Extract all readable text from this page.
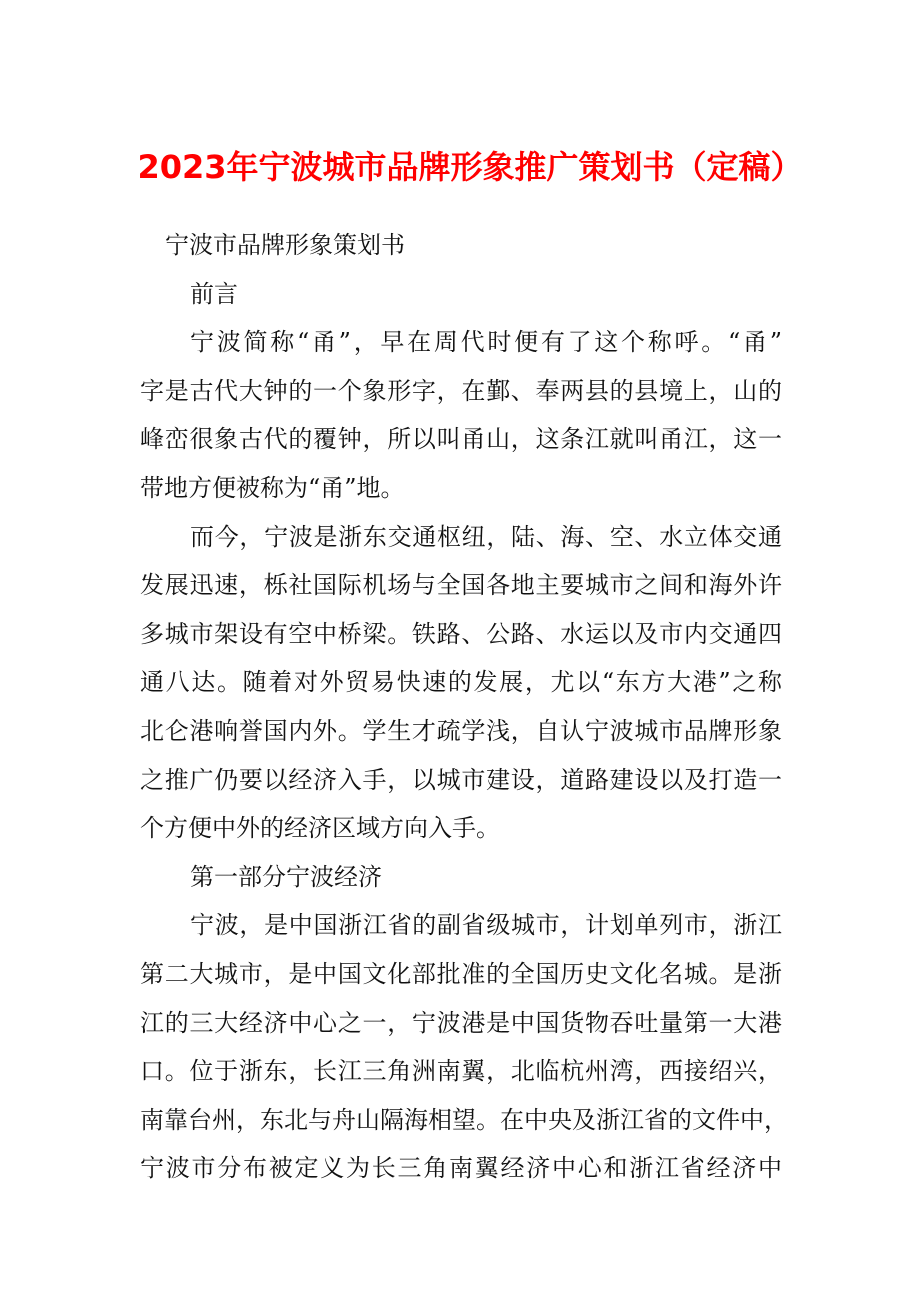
2023年宁波城市品牌形象推广策划书（定稿）
宁波市品牌形象策划书
前言
宁波简称“甬”，早在周代时便有了这个称呼。“甬”
字是古代大钟的一个象形字，在鄞、奉两县的县境上，山的
峰峦很象古代的覆钟，所以叫甬山，这条江就叫甬江，这一
带地方便被称为“甬”地。
而今，宁波是浙东交通枢纽，陆、海、空、水立体交通
发展迅速，栎社国际机场与全国各地主要城市之间和海外许
多城市架设有空中桥梁。铁路、公路、水运以及市内交通四
通八达。随着对外贸易快速的发展，尤以“东方大港”之称
北仑港响誉国内外。学生才疏学浅，自认宁波城市品牌形象
之推广仍要以经济入手，以城市建设，道路建设以及打造一
个方便中外的经济区域方向入手。
第一部分宁波经济
宁波，是中国浙江省的副省级城市，计划单列市，浙江
第二大城市，是中国文化部批准的全国历史文化名城。是浙
江的三大经济中心之一，宁波港是中国货物吞吐量第一大港
口。位于浙东，长江三角洲南翼，北临杭州湾，西接绍兴，
南靠台州，东北与舟山隔海相望。在中央及浙江省的文件中，
宁波市分布被定义为长三角南翼经济中心和浙江省经济中
